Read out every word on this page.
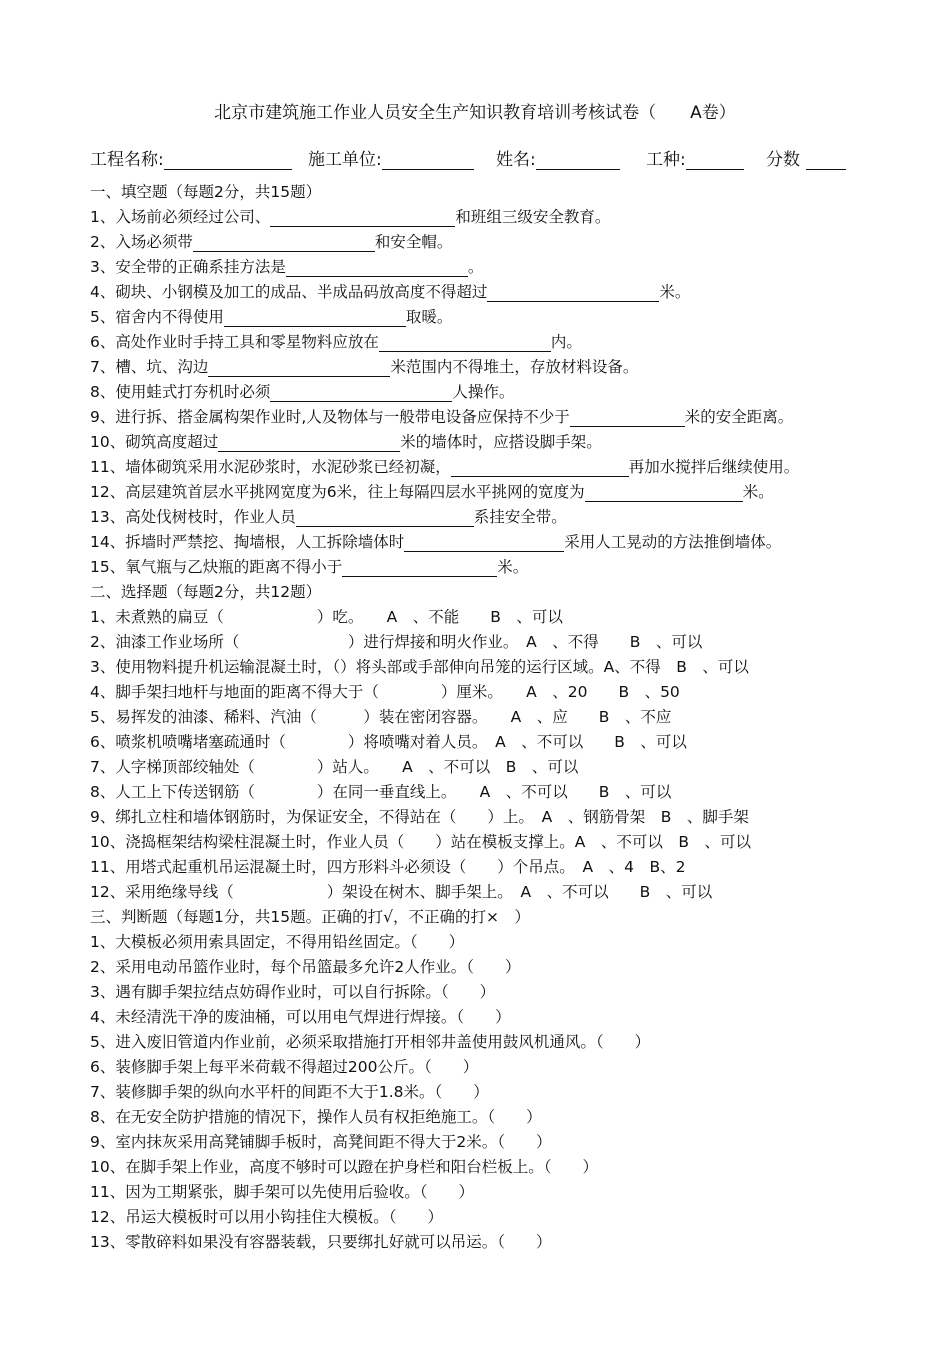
北京市建筑施工作业人员安全生产知识教育培训考核试卷（　　A卷）
工程名称:	施工单位:	姓名:	工种:	分数
一、填空题（每题2分，共15题）
1、入场前必须经过公司、	和班组三级安全教育。
2、入场必须带	和安全帽。
3、安全带的正确系挂方法是	。
4、砌块、小钢模及加工的成品、半成品码放高度不得超过	米。
5、宿舍内不得使用	取暖。
6、高处作业时手持工具和零星物料应放在	内。
7、槽、坑、沟边	米范围内不得堆土，存放材料设备。
8、使用蛙式打夯机时必须	人操作。
9、进行拆、搭金属构架作业时,人及物体与一般带电设备应保持不少于	米的安全距离。
10、砌筑高度超过	米的墙体时，应搭设脚手架。
11、墙体砌筑采用水泥砂浆时，水泥砂浆已经初凝，	再加水搅拌后继续使用。
12、高层建筑首层水平挑网宽度为6米，往上每隔四层水平挑网的宽度为	米。
13、高处伐树枝时，作业人员	系挂安全带。
14、拆墙时严禁挖、掏墙根，人工拆除墙体时	采用人工晃动的方法推倒墙体。
15、氧气瓶与乙炔瓶的距离不得小于	米。
二、选择题（每题2分，共12题）
1、未煮熟的扁豆（　　　　　　）吃。　　A　、不能　　B　、可以
2、油漆工作业场所（　　　　　　　）进行焊接和明火作业。　A　、不得　　B　、可以
3、使用物料提升机运输混凝土时，（）将头部或手部伸向吊笼的运行区域。A、不得　B　、可以
4、脚手架扫地杆与地面的距离不得大于（　　　　）厘米。　　A　、20　　B　、50
5、易挥发的油漆、稀料、汽油（　　　）装在密闭容器。　　A　、应　　B　、不应
6、喷浆机喷嘴堵塞疏通时（　　　　）将喷嘴对着人员。　A　、不可以　　B　、可以
7、人字梯顶部绞轴处（　　　　）站人。　　A　、不可以　B　、可以
8、人工上下传送钢筋（　　　　）在同一垂直线上。　　A　、不可以　　B　、可以
9、绑扎立柱和墙体钢筋时，为保证安全，不得站在（　　）上。　A　、钢筋骨架　B　、脚手架
10、浇捣框架结构梁柱混凝土时，作业人员（　　）站在模板支撑上。A　、不可以　B　、可以
11、用塔式起重机吊运混凝土时，四方形料斗必须设（　　）个吊点。　A　、4　B、2
12、采用绝缘导线（　　　　　　）架设在树木、脚手架上。　A　、不可以　　B　、可以
三、判断题（每题1分，共15题。正确的打√，不正确的打×　）
1、大模板必须用索具固定，不得用铅丝固定。（　　）
2、采用电动吊篮作业时，每个吊篮最多允许2人作业。（　　）
3、遇有脚手架拉结点妨碍作业时，可以自行拆除。（　　）
4、未经清洗干净的废油桶，可以用电气焊进行焊接。（　　）
5、进入废旧管道内作业前，必须采取措施打开相邻井盖使用鼓风机通风。（　　）
6、装修脚手架上每平米荷载不得超过200公斤。（　　）
7、装修脚手架的纵向水平杆的间距不大于1.8米。（　　）
8、在无安全防护措施的情况下，操作人员有权拒绝施工。（　　）
9、室内抹灰采用高凳铺脚手板时，高凳间距不得大于2米。（　　）
10、在脚手架上作业，高度不够时可以蹬在护身栏和阳台栏板上。（　　）
11、因为工期紧张，脚手架可以先使用后验收。（　　）
12、吊运大模板时可以用小钩挂住大模板。（　　）
13、零散碎料如果没有容器装载，只要绑扎好就可以吊运。（　　）
